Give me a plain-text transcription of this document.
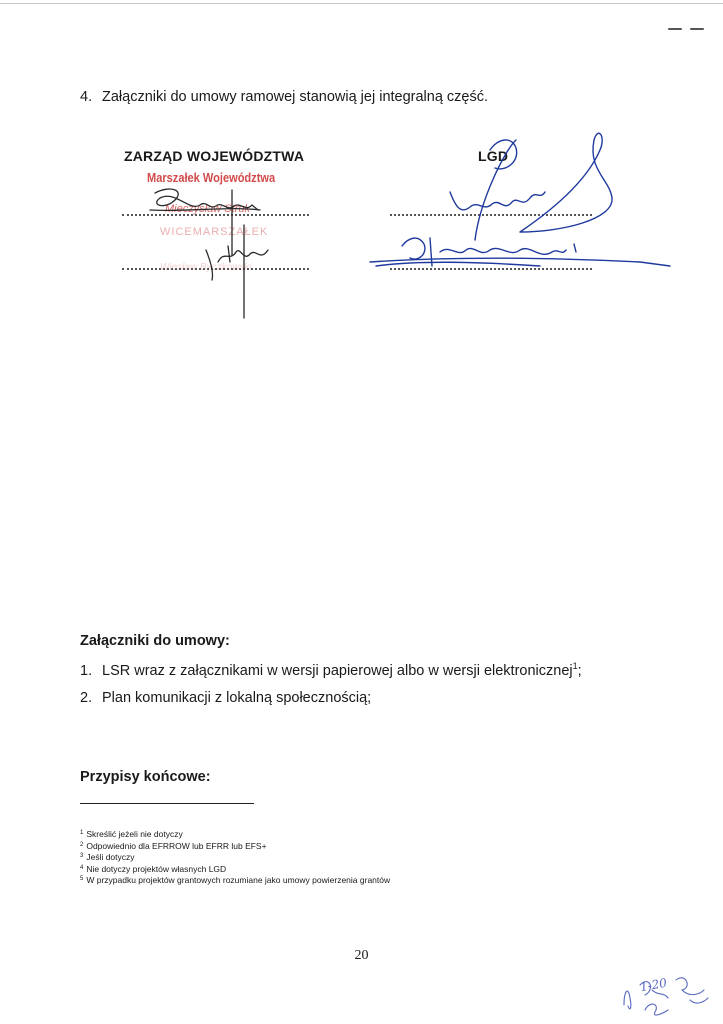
4. Załączniki do umowy ramowej stanowią jej integralną część.
ZARZĄD WOJEWÓDZTWA	LGD
Marszałek Województwa
Mieczysław Struk
WICEMARSZAŁEK
Wiesław Byczkowski
Załączniki do umowy:
1. LSR wraz z załącznikami w wersji papierowej albo w wersji elektronicznej$^1$;
2. Plan komunikacji z lokalną społecznością;
Przypisy końcowe:
$^1$ Skreślić jeżeli nie dotyczy
$^2$ Odpowiednio dla EFRROW lub EFRR lub EFS+
$^3$ Jeśli dotyczy
$^4$ Nie dotyczy projektów własnych LGD
$^5$ W przypadku projektów grantowych rozumiane jako umowy powierzenia grantów
20
1-20
